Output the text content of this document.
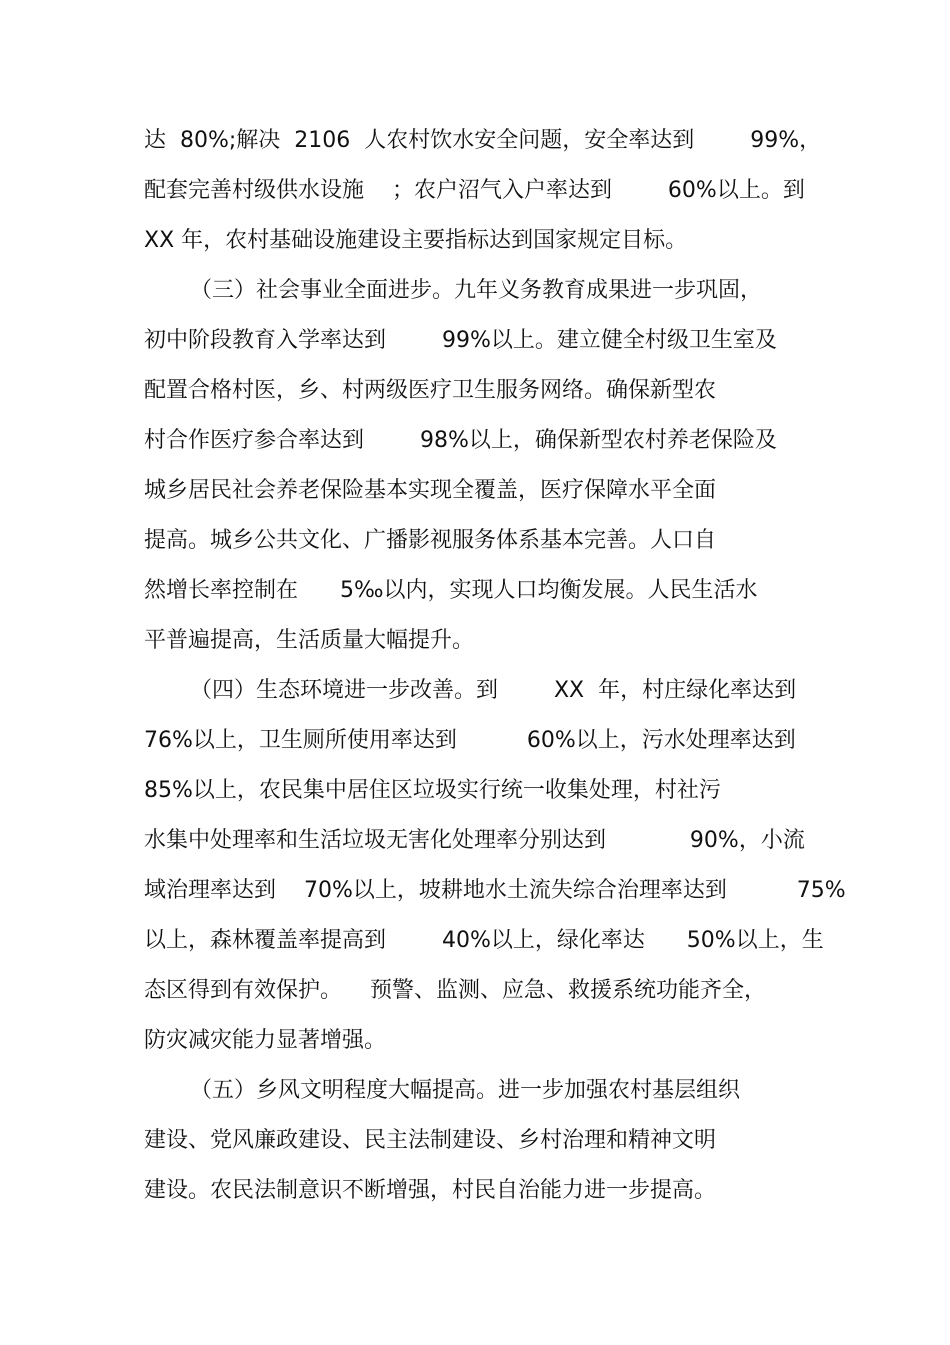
达  80%;解决  2106  人农村饮水安全问题，安全率达到        99%，
配套完善村级供水设施    ；农户沼气入户率达到        60%以上。到
XX 年，农村基础设施建设主要指标达到国家规定目标。
（三）社会事业全面进步。九年义务教育成果进一步巩固，
初中阶段教育入学率达到        99%以上。建立健全村级卫生室及
配置合格村医，乡、村两级医疗卫生服务网络。确保新型农
村合作医疗参合率达到        98%以上，确保新型农村养老保险及
城乡居民社会养老保险基本实现全覆盖，医疗保障水平全面
提高。城乡公共文化、广播影视服务体系基本完善。人口自
然增长率控制在      5‰以内，实现人口均衡发展。人民生活水
平普遍提高，生活质量大幅提升。
（四）生态环境进一步改善。到        XX  年，村庄绿化率达到
76%以上，卫生厕所使用率达到          60%以上，污水处理率达到
85%以上，农民集中居住区垃圾实行统一收集处理，村社污
水集中处理率和生活垃圾无害化处理率分别达到            90%，小流
域治理率达到    70%以上，坡耕地水土流失综合治理率达到          75%
以上，森林覆盖率提高到        40%以上，绿化率达      50%以上，生
态区得到有效保护。    预警、监测、应急、救援系统功能齐全，
防灾减灾能力显著增强。
（五）乡风文明程度大幅提高。进一步加强农村基层组织
建设、党风廉政建设、民主法制建设、乡村治理和精神文明
建设。农民法制意识不断增强，村民自治能力进一步提高。
